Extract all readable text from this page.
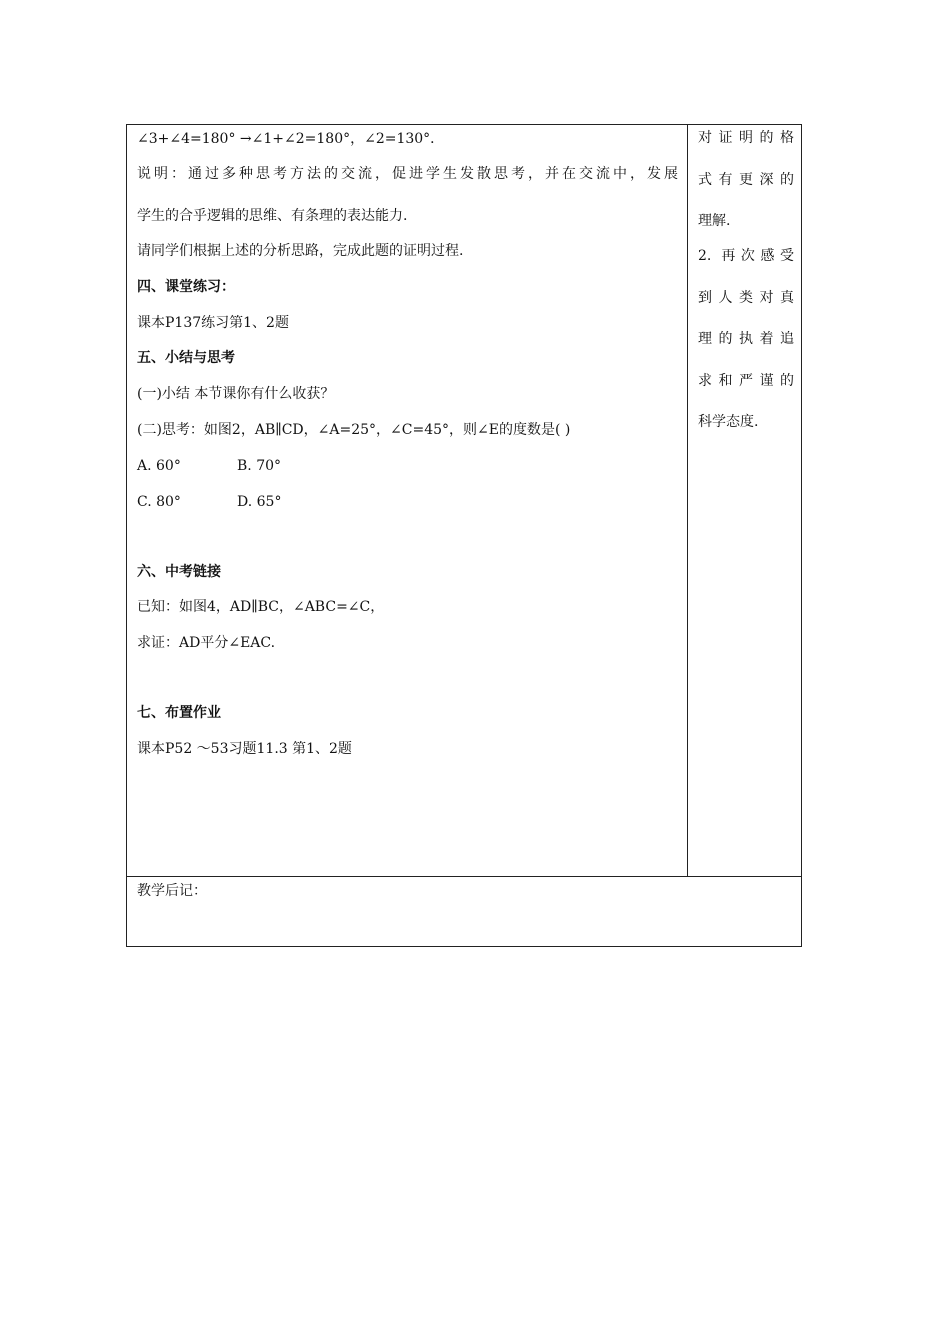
∠3+∠4=180° →∠1+∠2=180°，∠2=130°．
说明：通过多种思考方法的交流，促进学生发散思考，并在交流中，发展
学生的合乎逻辑的思维、有条理的表达能力.
请同学们根据上述的分析思路，完成此题的证明过程.
四、课堂练习：
课本P137练习第1、2题
五、小结与思考
(一)小结 本节课你有什么收获？
(二)思考：如图2，AB∥CD，∠A=25°，∠C=45°，则∠E的度数是( )
A. 60°	B. 70°
C. 80°	D. 65°
六、中考链接
已知：如图4，AD∥BC，∠ABC=∠C，
求证：AD平分∠EAC.
七、布置作业
课本P52 ～53习题11.3 第1、2题
对证明的格
式有更深的
理解.
2. 再次感受
到人类对真
理的执着追
求和严谨的
科学态度.
教学后记：
